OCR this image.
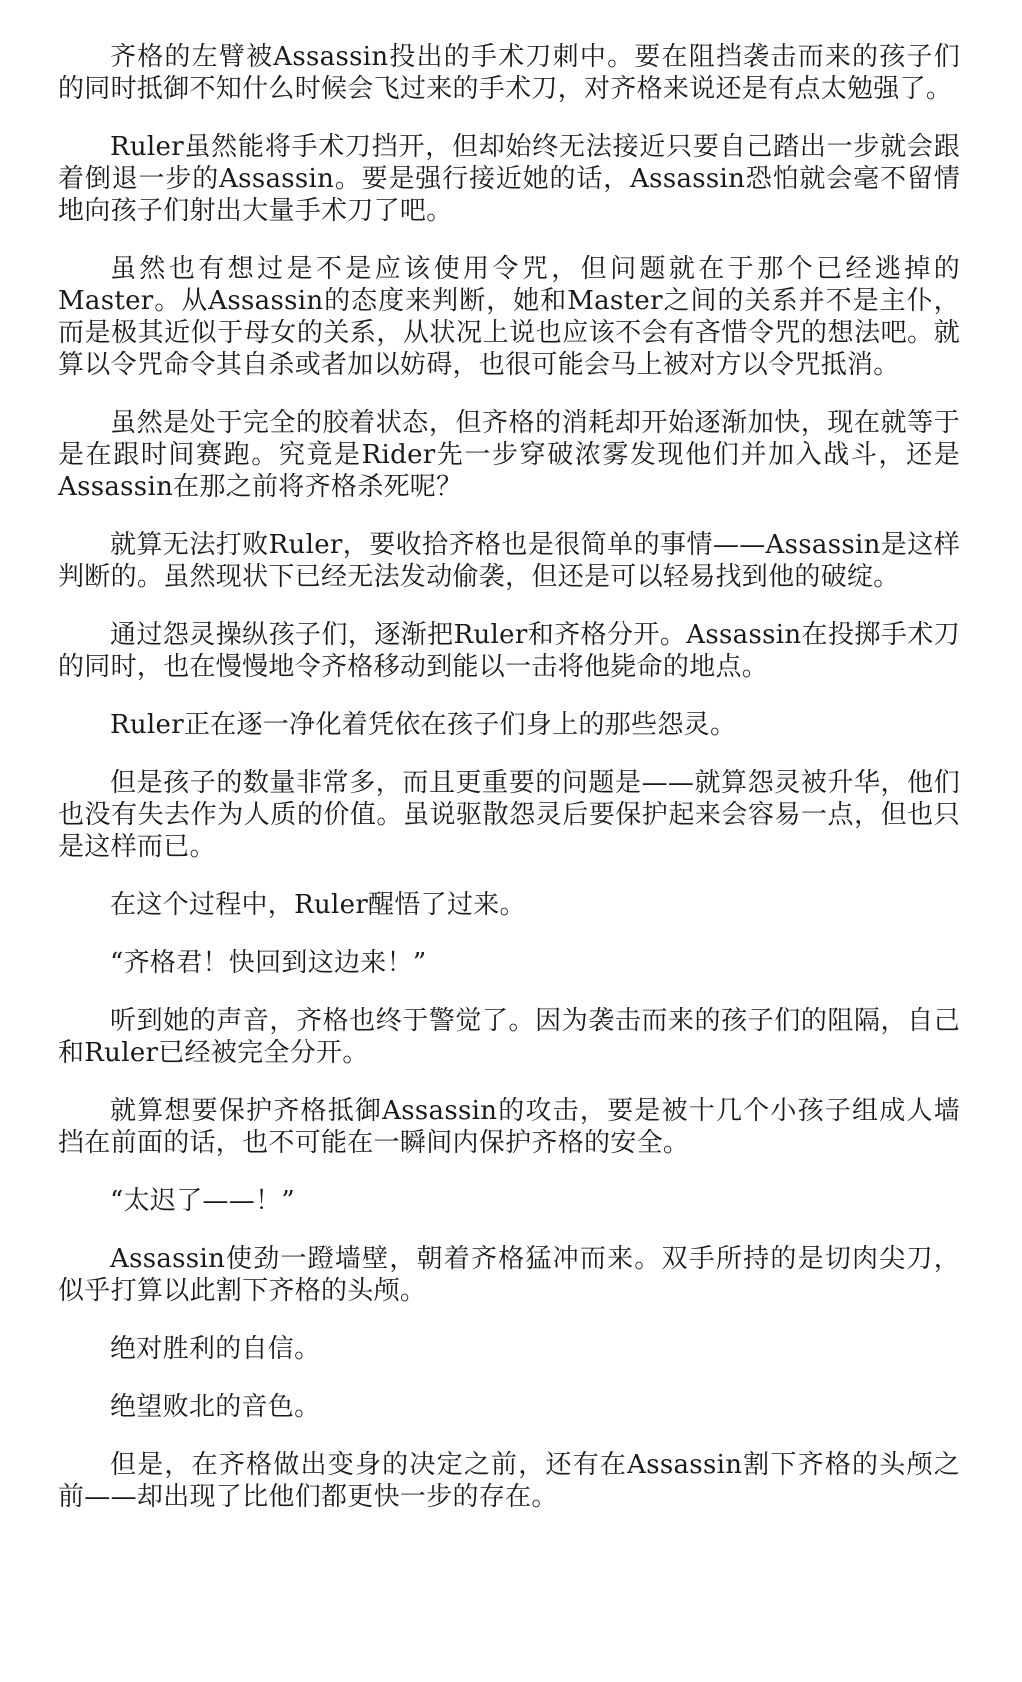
齐格的左臂被Assassin投出的手术刀刺中。要在阻挡袭击而来的孩子们的同时抵御不知什么时候会飞过来的手术刀，对齐格来说还是有点太勉强了。

Ruler虽然能将手术刀挡开，但却始终无法接近只要自己踏出一步就会跟着倒退一步的Assassin。要是强行接近她的话，Assassin恐怕就会毫不留情地向孩子们射出大量手术刀了吧。

虽然也有想过是不是应该使用令咒，但问题就在于那个已经逃掉的Master。从Assassin的态度来判断，她和Master之间的关系并不是主仆，而是极其近似于母女的关系，从状况上说也应该不会有吝惜令咒的想法吧。就算以令咒命令其自杀或者加以妨碍，也很可能会马上被对方以令咒抵消。

虽然是处于完全的胶着状态，但齐格的消耗却开始逐渐加快，现在就等于是在跟时间赛跑。究竟是Rider先一步穿破浓雾发现他们并加入战斗，还是Assassin在那之前将齐格杀死呢？

就算无法打败Ruler，要收拾齐格也是很简单的事情——Assassin是这样判断的。虽然现状下已经无法发动偷袭，但还是可以轻易找到他的破绽。

通过怨灵操纵孩子们，逐渐把Ruler和齐格分开。Assassin在投掷手术刀的同时，也在慢慢地令齐格移动到能以一击将他毙命的地点。

Ruler正在逐一净化着凭依在孩子们身上的那些怨灵。

但是孩子的数量非常多，而且更重要的问题是——就算怨灵被升华，他们也没有失去作为人质的价值。虽说驱散怨灵后要保护起来会容易一点，但也只是这样而已。

在这个过程中，Ruler醒悟了过来。

“齐格君！快回到这边来！”

听到她的声音，齐格也终于警觉了。因为袭击而来的孩子们的阻隔，自己和Ruler已经被完全分开。

就算想要保护齐格抵御Assassin的攻击，要是被十几个小孩子组成人墙挡在前面的话，也不可能在一瞬间内保护齐格的安全。

“太迟了——！”

Assassin使劲一蹬墙壁，朝着齐格猛冲而来。双手所持的是切肉尖刀，似乎打算以此割下齐格的头颅。

绝对胜利的自信。

绝望败北的音色。

但是，在齐格做出变身的决定之前，还有在Assassin割下齐格的头颅之前——却出现了比他们都更快一步的存在。
